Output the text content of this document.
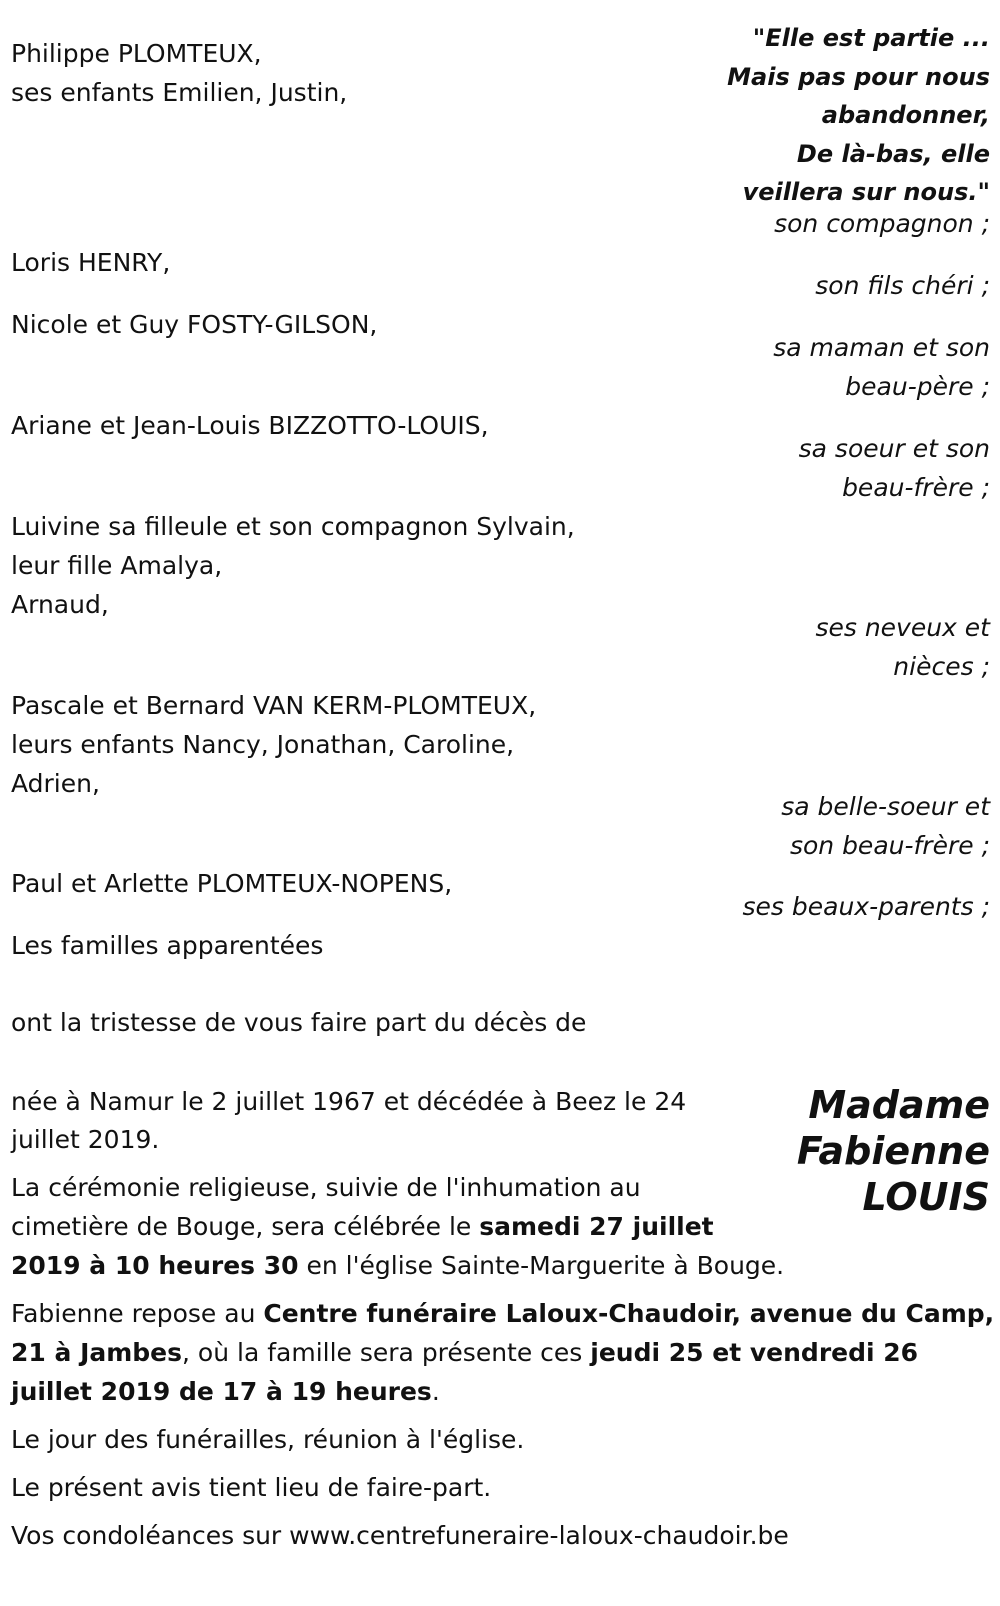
"Elle est partie ...
Mais pas pour nous
abandonner,
De là-bas, elle
veillera sur nous."

Philippe PLOMTEUX,

ses enfants Emilien, Justin,

son compagnon ;

Loris HENRY,

son fils chéri ;

Nicole et Guy FOSTY-GILSON,

sa maman et son

beau-père ;

Ariane et Jean-Louis BIZZOTTO-LOUIS,

sa soeur et son

beau-frère ;

Luivine sa filleule et son compagnon Sylvain,

leur fille Amalya,

Arnaud,

ses neveux et

nièces ;

Pascale et Bernard VAN KERM-PLOMTEUX,

leurs enfants Nancy, Jonathan, Caroline,

Adrien,

sa belle-soeur et

son beau-frère ;

Paul et Arlette PLOMTEUX-NOPENS,

ses beaux-parents ;

Les familles apparentées

ont la tristesse de vous faire part du décès de

Madame
Fabienne
LOUIS

née à Namur le 2 juillet 1967 et décédée à Beez le 24

juillet 2019.

La cérémonie religieuse, suivie de l'inhumation au

cimetière de Bouge, sera célébrée le samedi 27 juillet

2019 à 10 heures 30 en l'église Sainte-Marguerite à Bouge.

Fabienne repose au Centre funéraire Laloux-Chaudoir, avenue du Camp,

21 à Jambes, où la famille sera présente ces jeudi 25 et vendredi 26

juillet 2019 de 17 à 19 heures.

Le jour des funérailles, réunion à l'église.

Le présent avis tient lieu de faire-part.

Vos condoléances sur www.centrefuneraire-laloux-chaudoir.be
